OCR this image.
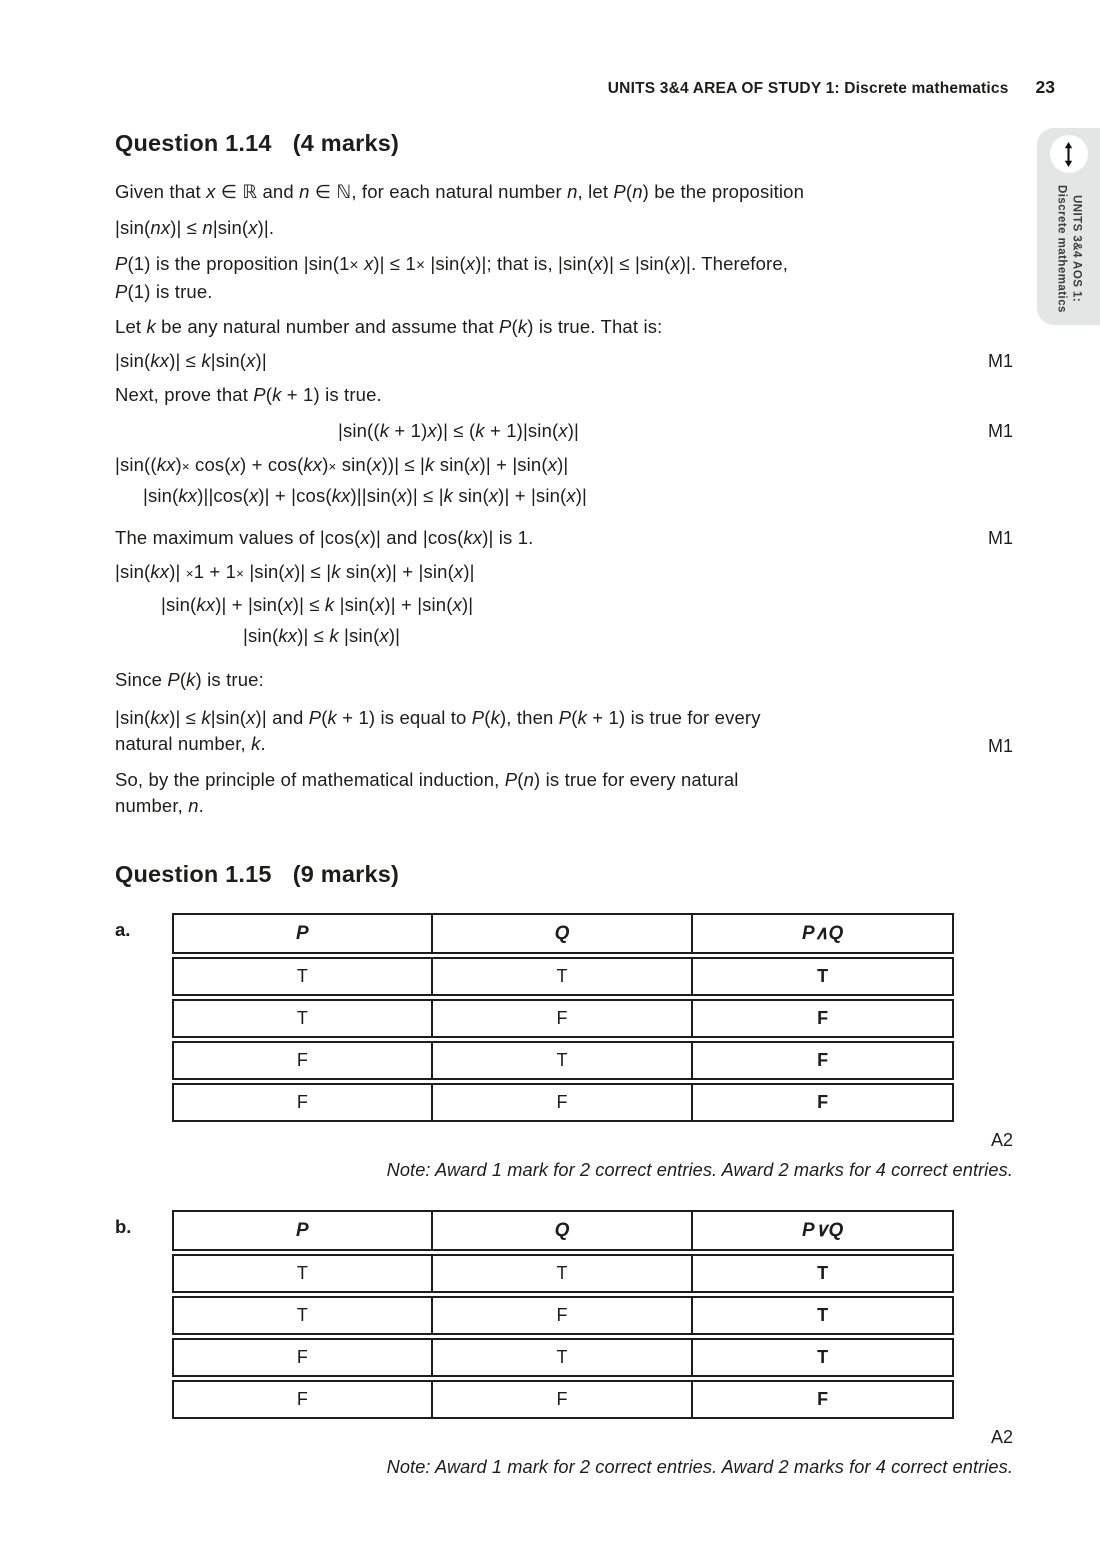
UNITS 3&4 AREA OF STUDY 1: Discrete mathematics 23
UNITS 3&4 AOS 1:
Discrete mathematics
Question 1.14 (4 marks)
Given that x ∈ ℝ and n ∈ ℕ, for each natural number n, let P(n) be the proposition
|sin(nx)| ≤ n|sin(x)|.
P(1) is the proposition |sin(1× x)| ≤ 1× |sin(x)|; that is, |sin(x)| ≤ |sin(x)|. Therefore,
P(1) is true.
Let k be any natural number and assume that P(k) is true. That is:
|sin(kx)| ≤ k|sin(x)|	M1
Next, prove that P(k + 1) is true.
|sin((k + 1)x)| ≤ (k + 1)|sin(x)|	M1
|sin((kx)× cos(x) + cos(kx)× sin(x))| ≤ |k sin(x)| + |sin(x)|
|sin(kx)||cos(x)| + |cos(kx)||sin(x)| ≤ |k sin(x)| + |sin(x)|
The maximum values of |cos(x)| and |cos(kx)| is 1.	M1
|sin(kx)| ×1 + 1× |sin(x)| ≤ |k sin(x)| + |sin(x)|
|sin(kx)| + |sin(x)| ≤ k |sin(x)| + |sin(x)|
|sin(kx)| ≤ k |sin(x)|
Since P(k) is true:
|sin(kx)| ≤ k|sin(x)| and P(k + 1) is equal to P(k), then P(k + 1) is true for every
natural number, k.	M1
So, by the principle of mathematical induction, P(n) is true for every natural
number, n.
Question 1.15 (9 marks)
a.	P	Q	P∧Q
T	T	T
T	F	F
F	T	F
F	F	F
A2
Note: Award 1 mark for 2 correct entries. Award 2 marks for 4 correct entries.
b.	P	Q	P∨Q
T	T	T
T	F	T
F	T	T
F	F	F
A2
Note: Award 1 mark for 2 correct entries. Award 2 marks for 4 correct entries.
